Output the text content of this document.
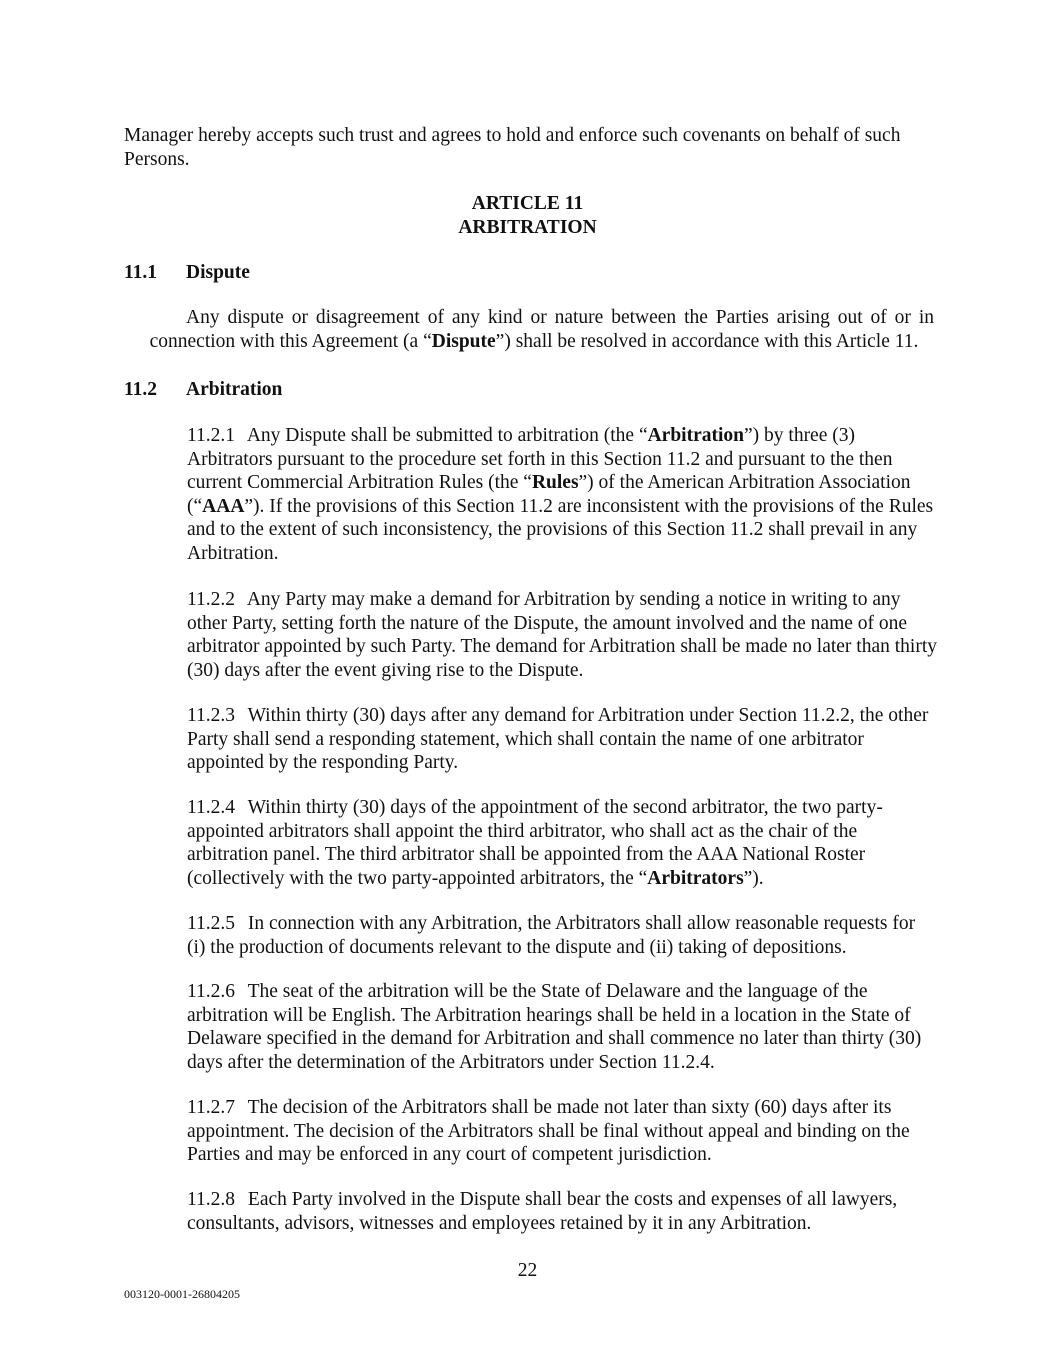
Manager hereby accepts such trust and agrees to hold and enforce such covenants on behalf of such Persons.

ARTICLE 11
ARBITRATION

11.1 Dispute

Any dispute or disagreement of any kind or nature between the Parties arising out of or in connection with this Agreement (a “Dispute”) shall be resolved in accordance with this Article 11.

11.2 Arbitration

11.2.1 Any Dispute shall be submitted to arbitration (the “Arbitration”) by three (3) Arbitrators pursuant to the procedure set forth in this Section 11.2 and pursuant to the then current Commercial Arbitration Rules (the “Rules”) of the American Arbitration Association (“AAA”). If the provisions of this Section 11.2 are inconsistent with the provisions of the Rules and to the extent of such inconsistency, the provisions of this Section 11.2 shall prevail in any Arbitration.

11.2.2 Any Party may make a demand for Arbitration by sending a notice in writing to any other Party, setting forth the nature of the Dispute, the amount involved and the name of one arbitrator appointed by such Party. The demand for Arbitration shall be made no later than thirty (30) days after the event giving rise to the Dispute.

11.2.3 Within thirty (30) days after any demand for Arbitration under Section 11.2.2, the other Party shall send a responding statement, which shall contain the name of one arbitrator appointed by the responding Party.

11.2.4 Within thirty (30) days of the appointment of the second arbitrator, the two party-appointed arbitrators shall appoint the third arbitrator, who shall act as the chair of the arbitration panel. The third arbitrator shall be appointed from the AAA National Roster (collectively with the two party-appointed arbitrators, the “Arbitrators”).

11.2.5 In connection with any Arbitration, the Arbitrators shall allow reasonable requests for (i) the production of documents relevant to the dispute and (ii) taking of depositions.

11.2.6 The seat of the arbitration will be the State of Delaware and the language of the arbitration will be English. The Arbitration hearings shall be held in a location in the State of Delaware specified in the demand for Arbitration and shall commence no later than thirty (30) days after the determination of the Arbitrators under Section 11.2.4.

11.2.7 The decision of the Arbitrators shall be made not later than sixty (60) days after its appointment. The decision of the Arbitrators shall be final without appeal and binding on the Parties and may be enforced in any court of competent jurisdiction.

11.2.8 Each Party involved in the Dispute shall bear the costs and expenses of all lawyers, consultants, advisors, witnesses and employees retained by it in any Arbitration.

22

003120-0001-26804205
